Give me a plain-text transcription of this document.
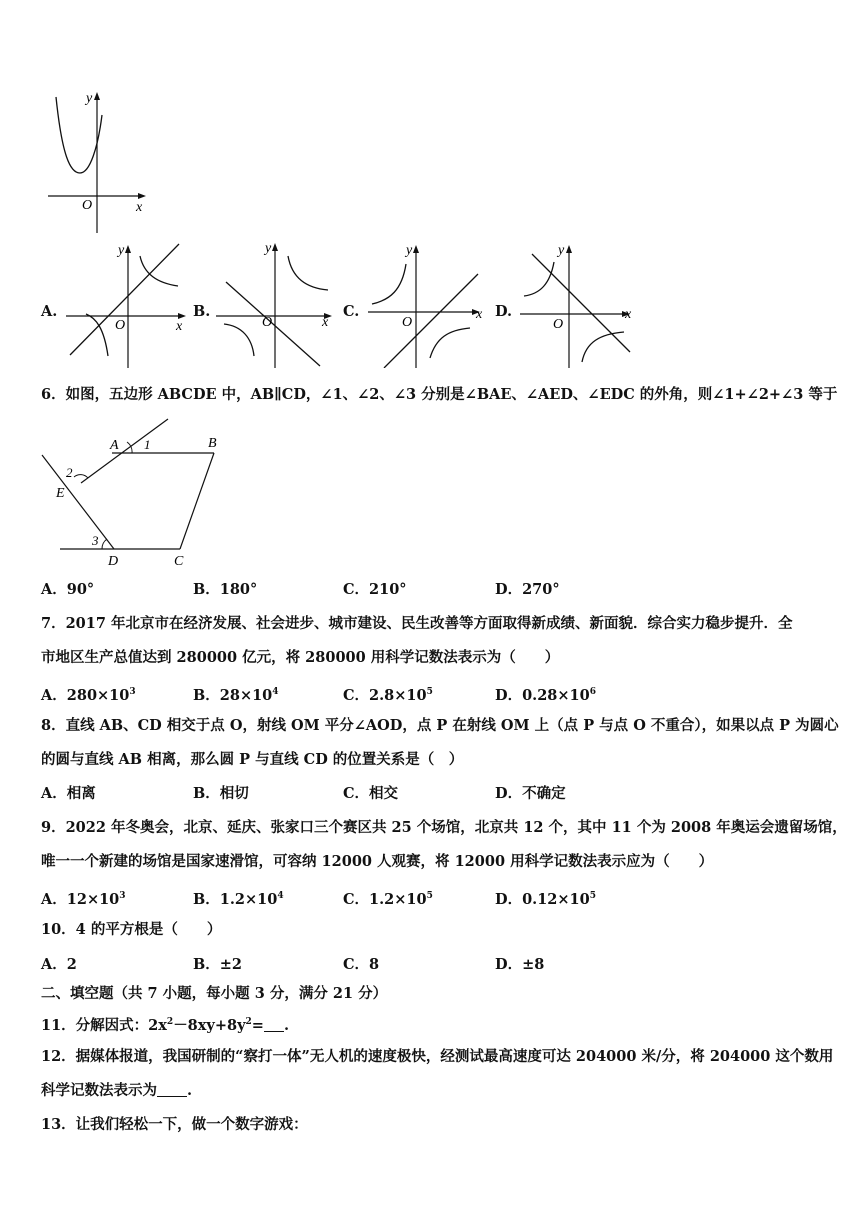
y
x
O
A.
y
x
O
B.
y
x
O
C.
y
x
O
D.
y
x
O
6．如图，五边形 ABCDE 中，AB∥CD，∠1、∠2、∠3 分别是∠BAE、∠AED、∠EDC 的外角，则∠1+∠2+∠3 等于
A	B
C
D
E
1
2
3
A．90°	B．180°	C．210°	D．270°
7．2017 年北京市在经济发展、社会进步、城市建设、民生改善等方面取得新成绩、新面貌．综合实力稳步提升．全
市地区生产总值达到 280000 亿元，将 280000 用科学记数法表示为（　　）
A．$280\times 10^3$	B．$28\times 10^4$	C．$2.8\times 10^5$	D．$0.28\times 10^6$
8．直线 AB、CD 相交于点 O，射线 OM 平分∠AOD，点 P 在射线 OM 上（点 P 与点 O 不重合），如果以点 P 为圆心
的圆与直线 AB 相离，那么圆 P 与直线 CD 的位置关系是（　）
A．相离	B．相切	C．相交	D．不确定
9．2022 年冬奥会，北京、延庆、张家口三个赛区共 25 个场馆，北京共 12 个，其中 11 个为 2008 年奥运会遗留场馆，
唯一一个新建的场馆是国家速滑馆，可容纳 12000 人观赛，将 12000 用科学记数法表示应为（　　）
A．$12\times 10^3$	B．$1.2\times 10^4$	C．$1.2\times 10^5$	D．$0.12\times 10^5$
10．4 的平方根是（　　）
A．2	B．±2	C．8	D．±8
二、填空题（共 7 小题，每小题 3 分，满分 21 分）
11．分解因式：$2x^2-8xy+8y^2=$ .
12．据媒体报道，我国研制的“察打一体”无人机的速度极快，经测试最高速度可达 204000 米/分，将 204000 这个数用
科学记数法表示为 .
13．让我们轻松一下，做一个数字游戏：
